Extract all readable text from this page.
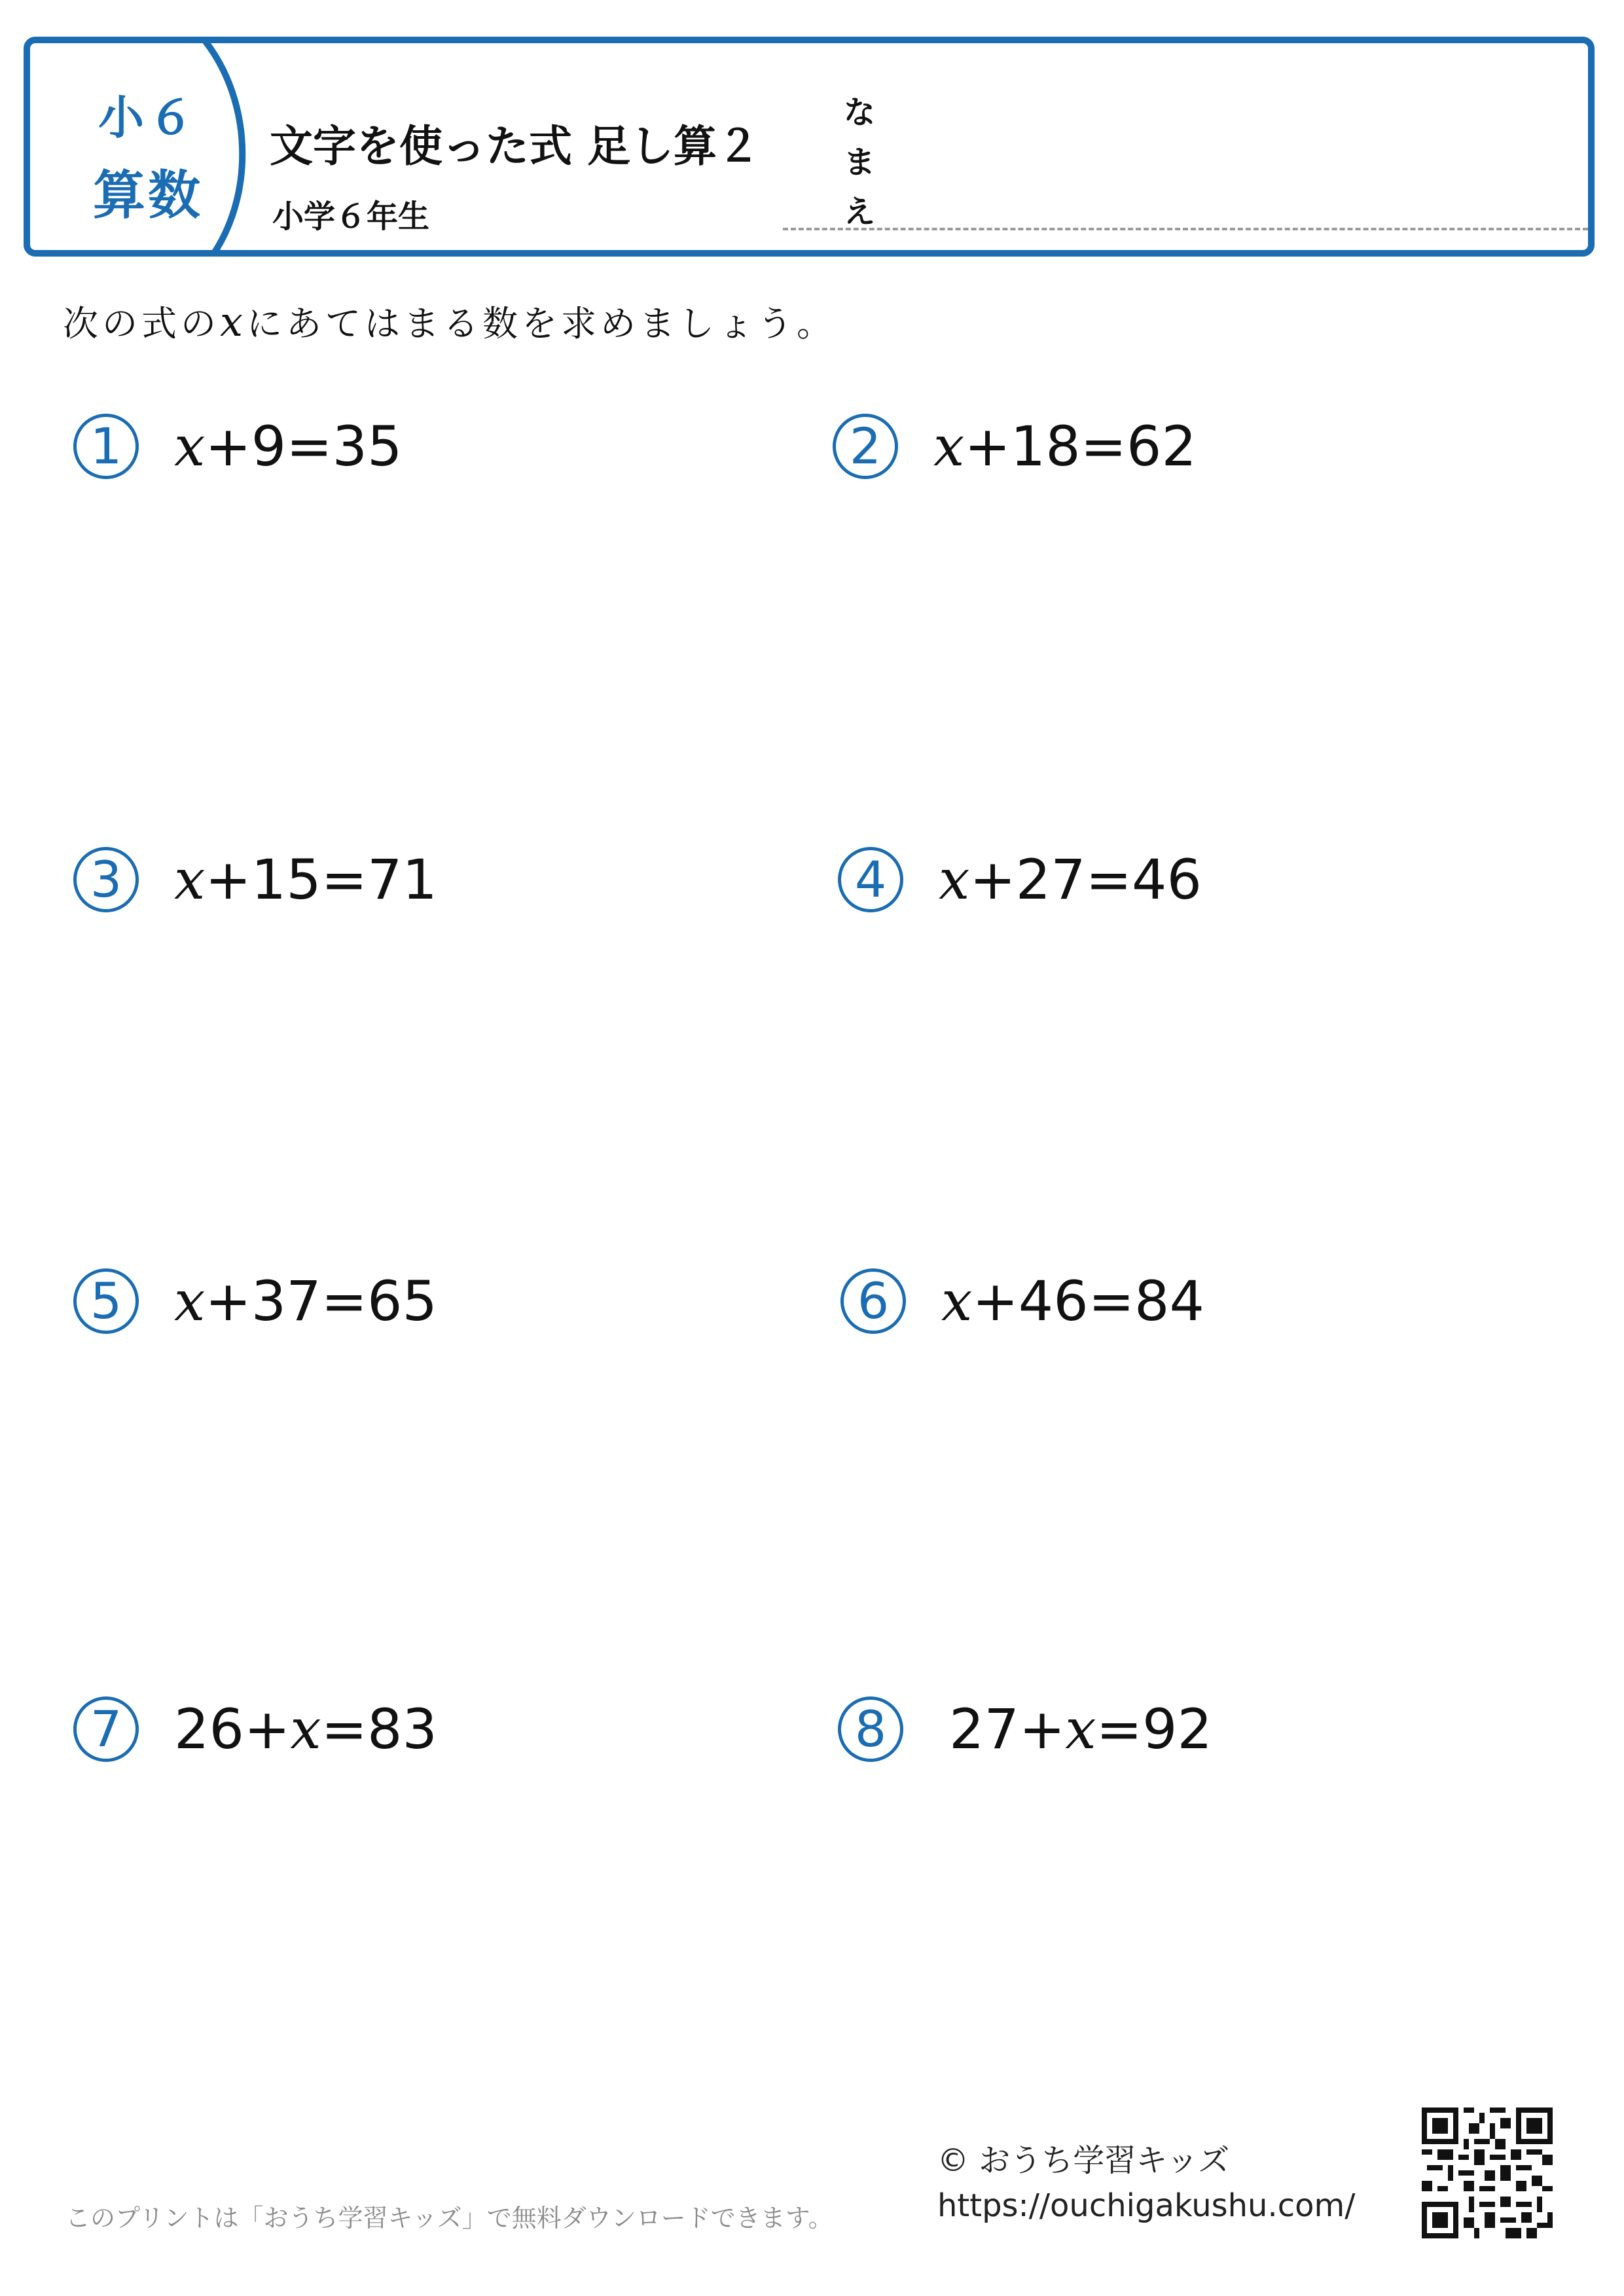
小６
算数
文字を使った式 足し算２
小学６年生
な
ま
え
次の式のxにあてはまる数を求めましょう。
1 x+9=35	2 x+18=62
3 x+15=71	4 x+27=46
5 x+37=65	6 x+46=84
7 26+x=83	8	27+x=92
このプリントは「おうち学習キッズ」で無料ダウンロードできます。
© おうち学習キッズ
https://ouchigakushu.com/
